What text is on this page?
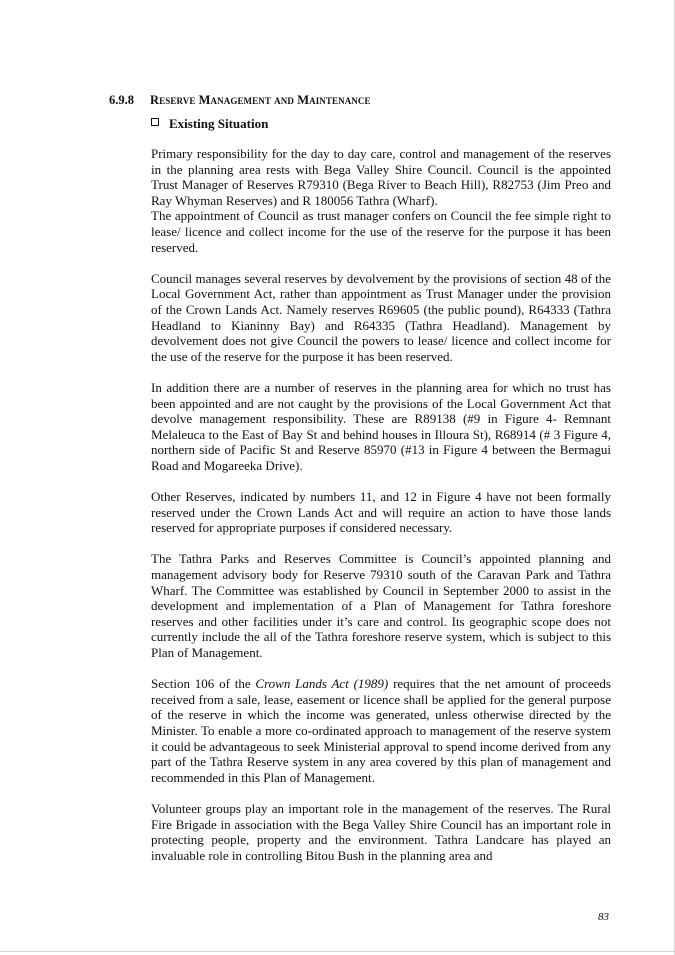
6.9.8 Reserve Management and Maintenance
Existing Situation

Primary responsibility for the day to day care, control and management of the reserves in the planning area rests with Bega Valley Shire Council. Council is the appointed Trust Manager of Reserves R79310 (Bega River to Beach Hill), R82753 (Jim Preo and Ray Whyman Reserves) and R 180056 Tathra (Wharf).

The appointment of Council as trust manager confers on Council the fee simple right to lease/ licence and collect income for the use of the reserve for the purpose it has been reserved.

Council manages several reserves by devolvement by the provisions of section 48 of the Local Government Act, rather than appointment as Trust Manager under the provision of the Crown Lands Act. Namely reserves R69605 (the public pound), R64333 (Tathra Headland to Kianinny Bay) and R64335 (Tathra Headland). Management by devolvement does not give Council the powers to lease/ licence and collect income for the use of the reserve for the purpose it has been reserved.

In addition there are a number of reserves in the planning area for which no trust has been appointed and are not caught by the provisions of the Local Government Act that devolve management responsibility. These are R89138 (#9 in Figure 4- Remnant Melaleuca to the East of Bay St and behind houses in Illoura St), R68914 (# 3 Figure 4, northern side of Pacific St and Reserve 85970 (#13 in Figure 4 between the Bermagui Road and Mogareeka Drive).

Other Reserves, indicated by numbers 11, and 12 in Figure 4 have not been formally reserved under the Crown Lands Act and will require an action to have those lands reserved for appropriate purposes if considered necessary.

The Tathra Parks and Reserves Committee is Council’s appointed planning and management advisory body for Reserve 79310 south of the Caravan Park and Tathra Wharf. The Committee was established by Council in September 2000 to assist in the development and implementation of a Plan of Management for Tathra foreshore reserves and other facilities under it’s care and control. Its geographic scope does not currently include the all of the Tathra foreshore reserve system, which is subject to this Plan of Management.

Section 106 of the Crown Lands Act (1989) requires that the net amount of proceeds received from a sale, lease, easement or licence shall be applied for the general purpose of the reserve in which the income was generated, unless otherwise directed by the Minister. To enable a more co-ordinated approach to management of the reserve system it could be advantageous to seek Ministerial approval to spend income derived from any part of the Tathra Reserve system in any area covered by this plan of management and recommended in this Plan of Management.

Volunteer groups play an important role in the management of the reserves. The Rural Fire Brigade in association with the Bega Valley Shire Council has an important role in protecting people, property and the environment. Tathra Landcare has played an invaluable role in controlling Bitou Bush in the planning area and

83
